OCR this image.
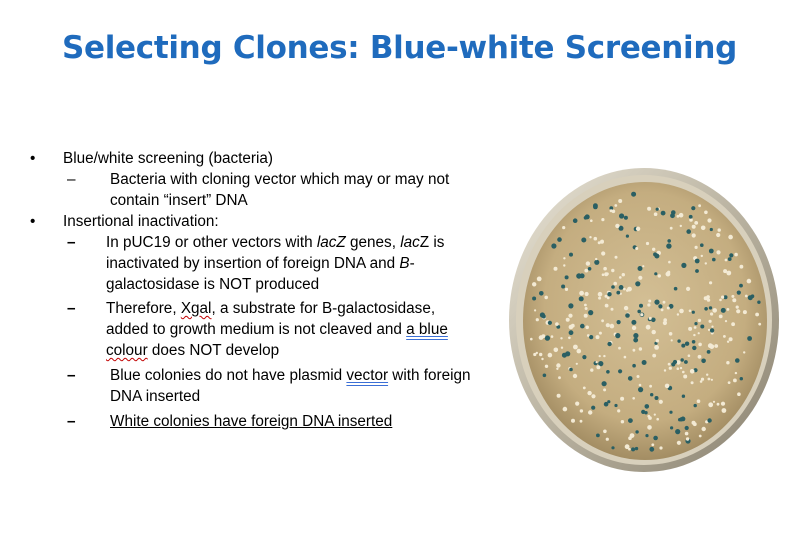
Selecting Clones: Blue-white Screening

• Blue/white screening (bacteria)

– Bacteria with cloning vector which may or may not contain “insert” DNA

• Insertional inactivation:

– In pUC19 or other vectors with lacZ genes, lacZ is inactivated by insertion of foreign DNA and B-galactosidase is NOT produced

– Therefore, Xgal, a substrate for B-galactosidase, added to growth medium is not cleaved and a blue colour does NOT develop

– Blue colonies do not have plasmid vector with foreign DNA inserted

– White colonies have foreign DNA inserted
